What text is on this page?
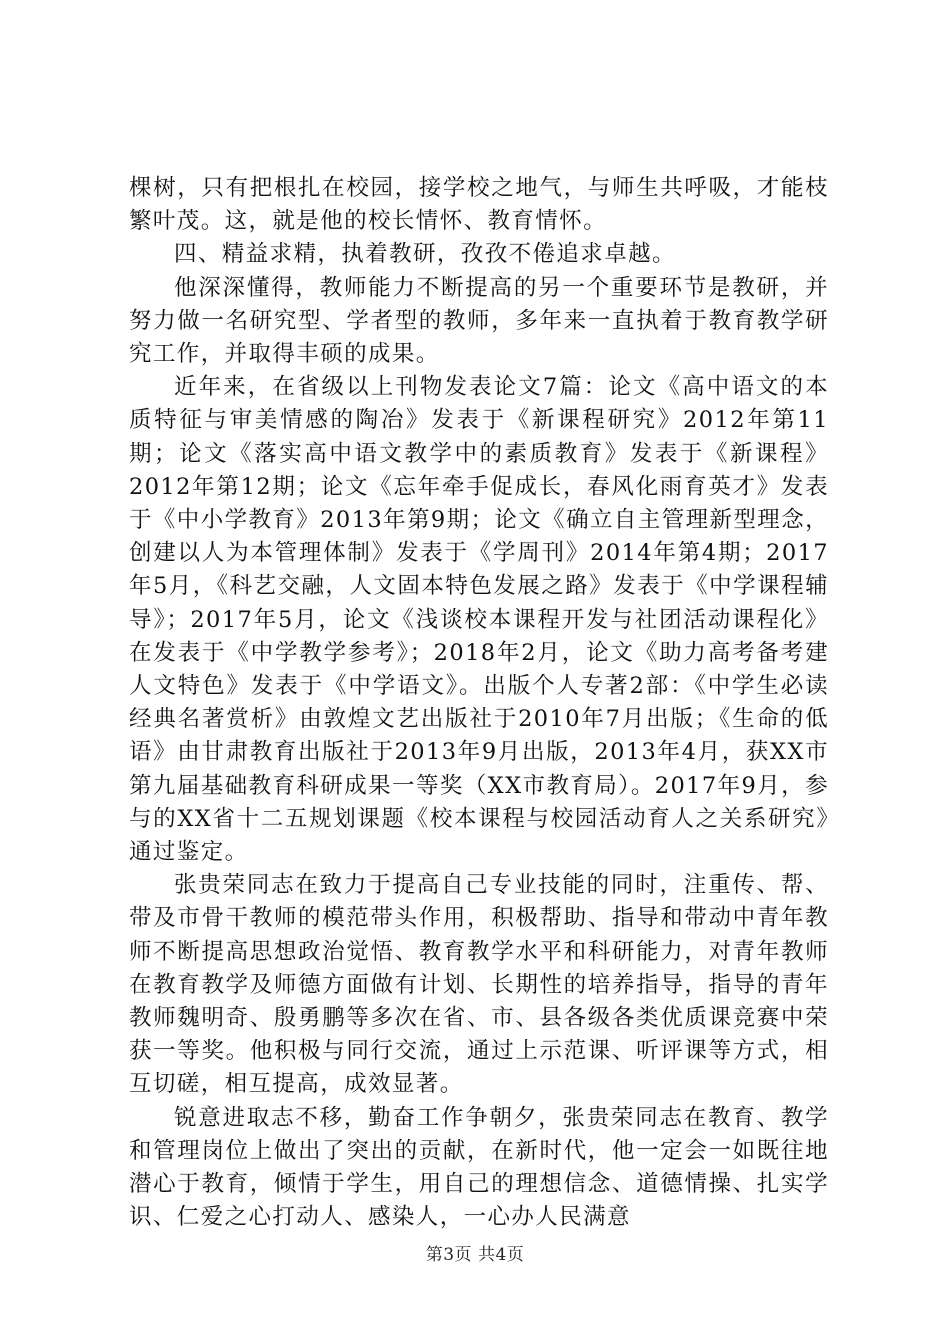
棵树，只有把根扎在校园，接学校之地气，与师生共呼吸，才能枝繁叶茂。这，就是他的校长情怀、教育情怀。

四、精益求精，执着教研，孜孜不倦追求卓越。

他深深懂得，教师能力不断提高的另一个重要环节是教研，并努力做一名研究型、学者型的教师，多年来一直执着于教育教学研究工作，并取得丰硕的成果。

近年来，在省级以上刊物发表论文7篇：论文《高中语文的本质特征与审美情感的陶冶》发表于《新课程研究》2012年第11期；论文《落实高中语文教学中的素质教育》发表于《新课程》2012年第12期；论文《忘年牵手促成长，春风化雨育英才》发表于《中小学教育》2013年第9期；论文《确立自主管理新型理念，创建以人为本管理体制》发表于《学周刊》2014年第4期；2017年5月，《科艺交融，人文固本特色发展之路》发表于《中学课程辅导》；2017年5月，论文《浅谈校本课程开发与社团活动课程化》在发表于《中学教学参考》；2018年2月，论文《助力高考备考建人文特色》发表于《中学语文》。出版个人专著2部：《中学生必读经典名著赏析》由敦煌文艺出版社于2010年7月出版；《生命的低语》由甘肃教育出版社于2013年9月出版，2013年4月，获XX市第九届基础教育科研成果一等奖（XX市教育局）。2017年9月，参与的XX省十二五规划课题《校本课程与校园活动育人之关系研究》通过鉴定。

张贵荣同志在致力于提高自己专业技能的同时，注重传、帮、带及市骨干教师的模范带头作用，积极帮助、指导和带动中青年教师不断提高思想政治觉悟、教育教学水平和科研能力，对青年教师在教育教学及师德方面做有计划、长期性的培养指导，指导的青年教师魏明奇、殷勇鹏等多次在省、市、县各级各类优质课竞赛中荣获一等奖。他积极与同行交流，通过上示范课、听评课等方式，相互切磋，相互提高，成效显著。

锐意进取志不移，勤奋工作争朝夕，张贵荣同志在教育、教学和管理岗位上做出了突出的贡献，在新时代，他一定会一如既往地潜心于教育，倾情于学生，用自己的理想信念、道德情操、扎实学识、仁爱之心打动人、感染人，一心办人民满意

第3页 共4页
